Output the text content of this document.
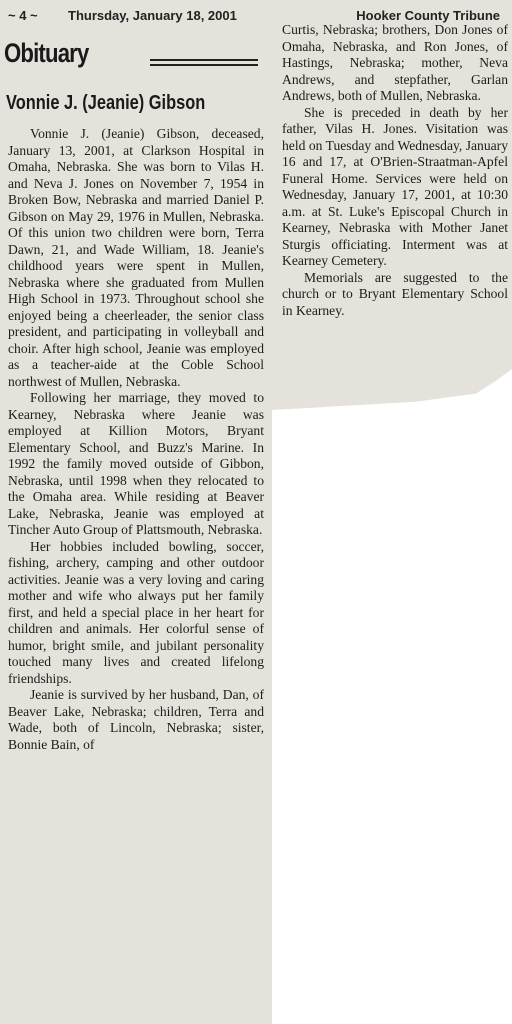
~ 4 ~ Thursday, January 18, 2001	Hooker County Tribune
Obituary
Vonnie J. (Jeanie) Gibson

Vonnie J. (Jeanie) Gibson, deceased, January 13, 2001, at Clarkson Hospital in Omaha, Nebraska. She was born to Vilas H. and Neva J. Jones on November 7, 1954 in Broken Bow, Nebraska and married Daniel P. Gibson on May 29, 1976 in Mullen, Nebraska. Of this union two children were born, Terra Dawn, 21, and Wade William, 18. Jeanie's childhood years were spent in Mullen, Nebraska where she graduated from Mullen High School in 1973. Throughout school she enjoyed being a cheerleader, the senior class president, and participating in volleyball and choir. After high school, Jeanie was employed as a teacher-aide at the Coble School northwest of Mullen, Nebraska.

Following her marriage, they moved to Kearney, Nebraska where Jeanie was employed at Killion Motors, Bryant Elementary School, and Buzz's Marine. In 1992 the family moved outside of Gibbon, Nebraska, until 1998 when they relocated to the Omaha area. While residing at Beaver Lake, Nebraska, Jeanie was employed at Tincher Auto Group of Plattsmouth, Nebraska.

Her hobbies included bowling, soccer, fishing, archery, camping and other outdoor activities. Jeanie was a very loving and caring mother and wife who always put her family first, and held a special place in her heart for children and animals. Her colorful sense of humor, bright smile, and jubilant personality touched many lives and created lifelong friendships.

Jeanie is survived by her husband, Dan, of Beaver Lake, Nebraska; children, Terra and Wade, both of Lincoln, Nebraska; sister, Bonnie Bain, of

Curtis, Nebraska; brothers, Don Jones of Omaha, Nebraska, and Ron Jones, of Hastings, Nebraska; mother, Neva Andrews, and stepfather, Garlan Andrews, both of Mullen, Nebraska.

She is preceded in death by her father, Vilas H. Jones. Visitation was held on Tuesday and Wednesday, January 16 and 17, at O'Brien-Straatman-Apfel Funeral Home. Services were held on Wednesday, January 17, 2001, at 10:30 a.m. at St. Luke's Episcopal Church in Kearney, Nebraska with Mother Janet Sturgis officiating. Interment was at Kearney Cemetery.

Memorials are suggested to the church or to Bryant Elementary School in Kearney.
